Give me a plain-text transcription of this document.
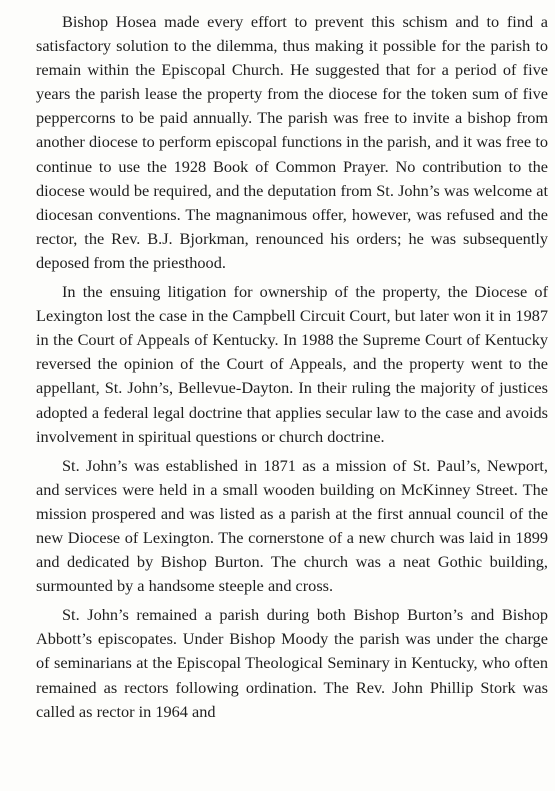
Bishop Hosea made every effort to prevent this schism and to find a satisfactory solution to the dilemma, thus making it possible for the parish to remain within the Episcopal Church. He suggested that for a period of five years the parish lease the property from the diocese for the token sum of five peppercorns to be paid annually. The parish was free to invite a bishop from another diocese to perform episcopal functions in the parish, and it was free to continue to use the 1928 Book of Common Prayer. No contribution to the diocese would be required, and the deputation from St. John’s was welcome at diocesan conventions. The magnanimous offer, however, was refused and the rector, the Rev. B.J. Bjorkman, renounced his orders; he was subsequently deposed from the priesthood.

In the ensuing litigation for ownership of the property, the Diocese of Lexington lost the case in the Campbell Circuit Court, but later won it in 1987 in the Court of Appeals of Kentucky. In 1988 the Supreme Court of Kentucky reversed the opinion of the Court of Appeals, and the property went to the appellant, St. John’s, Bellevue-Dayton. In their ruling the majority of justices adopted a federal legal doctrine that applies secular law to the case and avoids involvement in spiritual questions or church doctrine.

St. John’s was established in 1871 as a mission of St. Paul’s, Newport, and services were held in a small wooden building on McKinney Street. The mission prospered and was listed as a parish at the first annual council of the new Diocese of Lexington. The cornerstone of a new church was laid in 1899 and dedicated by Bishop Burton. The church was a neat Gothic building, surmounted by a handsome steeple and cross.

St. John’s remained a parish during both Bishop Burton’s and Bishop Abbott’s episcopates. Under Bishop Moody the parish was under the charge of seminarians at the Episcopal Theological Seminary in Kentucky, who often remained as rectors following ordination. The Rev. John Phillip Stork was called as rector in 1964 and
